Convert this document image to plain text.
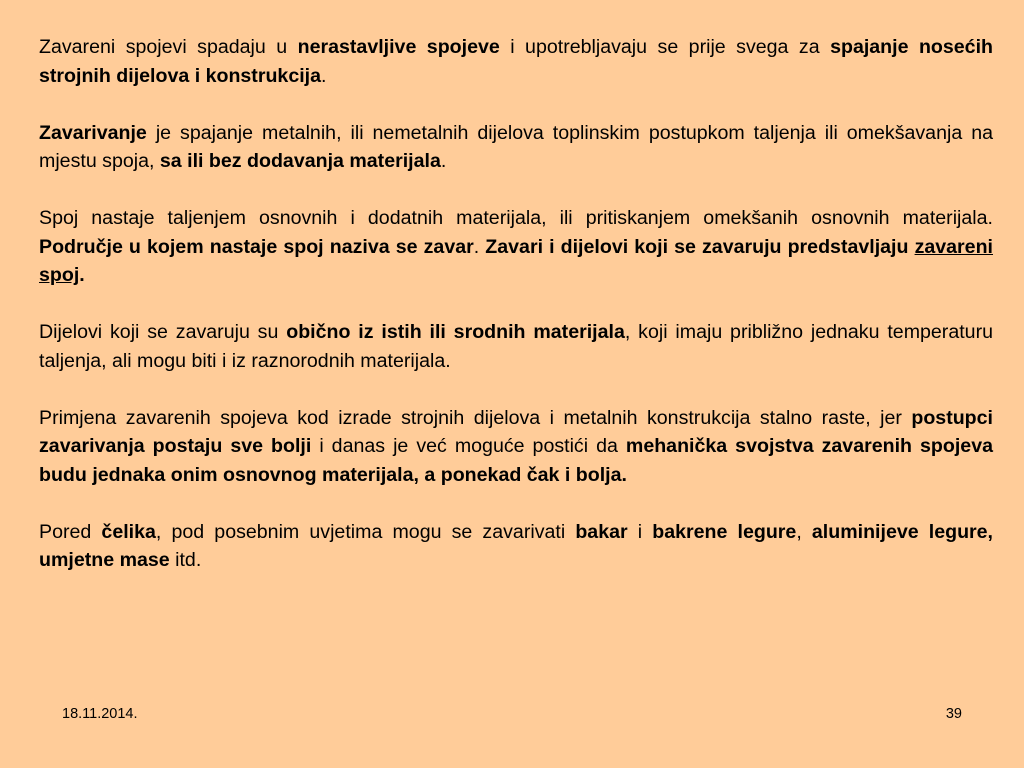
Zavareni spojevi spadaju u nerastavljive spojeve i upotrebljavaju se prije svega za spajanje nosećih strojnih dijelova i konstrukcija.

Zavarivanje je spajanje metalnih, ili nemetalnih dijelova toplinskim postupkom taljenja ili omekšavanja na mjestu spoja, sa ili bez dodavanja materijala.

Spoj nastaje taljenjem osnovnih i dodatnih materijala, ili pritiskanjem omekšanih osnovnih materijala. Područje u kojem nastaje spoj naziva se zavar. Zavari i dijelovi koji se zavaruju predstavljaju zavareni spoj.

Dijelovi koji se zavaruju su obično iz istih ili srodnih materijala, koji imaju približno jednaku temperaturu taljenja, ali mogu biti i iz raznorodnih materijala.

Primjena zavarenih spojeva kod izrade strojnih dijelova i metalnih konstrukcija stalno raste, jer postupci zavarivanja postaju sve bolji i danas je već moguće postići da mehanička svojstva zavarenih spojeva budu jednaka onim osnovnog materijala, a ponekad čak i bolja.

Pored čelika, pod posebnim uvjetima mogu se zavarivati bakar i bakrene legure, aluminijeve legure, umjetne mase itd.

18.11.2014.	39
